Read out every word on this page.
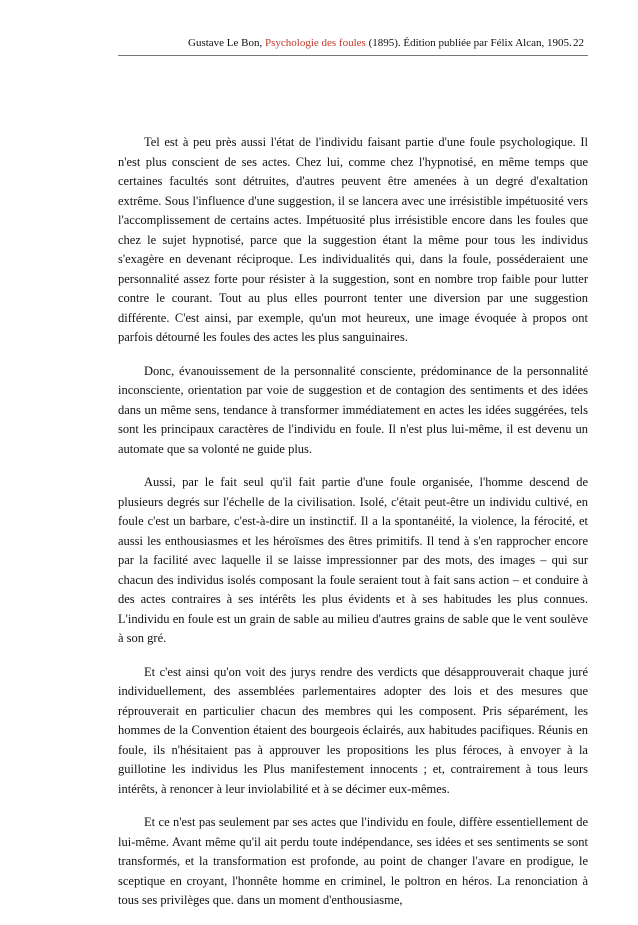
Gustave Le Bon, Psychologie des foules (1895). Édition publiée par Félix Alcan, 1905. 22

Tel est à peu près aussi l'état de l'individu faisant partie d'une foule psychologique. Il n'est plus conscient de ses actes. Chez lui, comme chez l'hypnotisé, en même temps que certaines facultés sont détruites, d'autres peuvent être amenées à un degré d'exaltation extrême. Sous l'influence d'une suggestion, il se lancera avec une irrésistible impétuosité vers l'accomplissement de certains actes. Impétuosité plus irrésistible encore dans les foules que chez le sujet hypnotisé, parce que la suggestion étant la même pour tous les individus s'exagère en devenant réciproque. Les individualités qui, dans la foule, posséderaient une personnalité assez forte pour résister à la suggestion, sont en nombre trop faible pour lutter contre le courant. Tout au plus elles pourront tenter une diversion par une suggestion différente. C'est ainsi, par exemple, qu'un mot heureux, une image évoquée à propos ont parfois détourné les foules des actes les plus sanguinaires.

Donc, évanouissement de la personnalité consciente, prédominance de la personnalité inconsciente, orientation par voie de suggestion et de contagion des sentiments et des idées dans un même sens, tendance à transformer immédiatement en actes les idées suggérées, tels sont les principaux caractères de l'individu en foule. Il n'est plus lui-même, il est devenu un automate que sa volonté ne guide plus.

Aussi, par le fait seul qu'il fait partie d'une foule organisée, l'homme descend de plusieurs degrés sur l'échelle de la civilisation. Isolé, c'était peut-être un individu cultivé, en foule c'est un barbare, c'est-à-dire un instinctif. Il a la spontanéité, la violence, la férocité, et aussi les enthousiasmes et les héroïsmes des êtres primitifs. Il tend à s'en rapprocher encore par la facilité avec laquelle il se laisse impressionner par des mots, des images – qui sur chacun des individus isolés composant la foule seraient tout à fait sans action – et conduire à des actes contraires à ses intérêts les plus évidents et à ses habitudes les plus connues. L'individu en foule est un grain de sable au milieu d'autres grains de sable que le vent soulève à son gré.

Et c'est ainsi qu'on voit des jurys rendre des verdicts que désapprouverait chaque juré individuellement, des assemblées parlementaires adopter des lois et des mesures que réprouverait en particulier chacun des membres qui les composent. Pris séparément, les hommes de la Convention étaient des bourgeois éclairés, aux habitudes pacifiques. Réunis en foule, ils n'hésitaient pas à approuver les propositions les plus féroces, à envoyer à la guillotine les individus les Plus manifestement innocents ; et, contrairement à tous leurs intérêts, à renoncer à leur inviolabilité et à se décimer eux-mêmes.

Et ce n'est pas seulement par ses actes que l'individu en foule, diffère essentiellement de lui-même. Avant même qu'il ait perdu toute indépendance, ses idées et ses sentiments se sont transformés, et la transformation est profonde, au point de changer l'avare en prodigue, le sceptique en croyant, l'honnête homme en criminel, le poltron en héros. La renonciation à tous ses privilèges que. dans un moment d'enthousiasme,
